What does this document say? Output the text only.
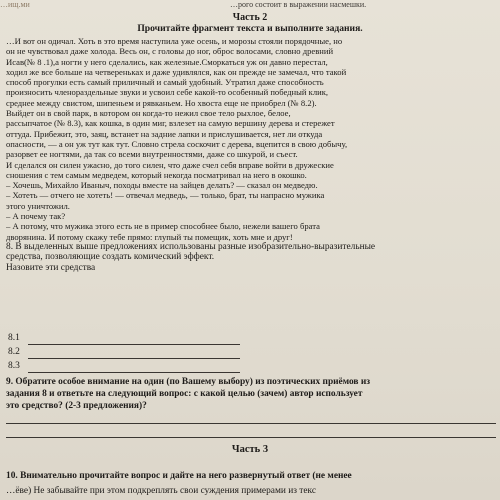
…ищ.ми	…рого состоит в выражении насмешки.
Часть 2
Прочитайте фрагмент текста и выполните задания.
…И вот он одичал. Хоть в это время наступила уже осень, и морозы стояли порядочные, но
он не чувствовал даже холода. Весь он, с головы до ног, оброс волосами, словно древний
Исав(№ 8 .1),а ногти у него сделались, как железные.Сморкаться уж он давно перестал,
ходил же все больше на четвереньках и даже удивлялся, как он прежде не замечал, что такой
способ прогулки есть самый приличный и самый удобный. Утратил даже способность
произносить членораздельные звуки и усвоил себе какой-то особенный победный клик,
среднее между свистом, шипеньем и рявканьем. Но хвоста еще не приобрел (№ 8.2).
Выйдет он в свой парк, в котором он когда-то нежил свое тело рыхлое, белое,
рассыпчатое (№ 8.3), как кошка, в один миг, взлезет на самую вершину дерева и стережет
оттуда. Прибежит, это, заяц, встанет на задние лапки и прислушивается, нет ли откуда
опасности, — а он уж тут как тут. Словно стрела соскочит с дерева, вцепится в свою добычу,
разорвет ее ногтями, да так со всеми внутренностями, даже со шкурой, и съест.
И сделался он силен ужасно, до того силен, что даже счел себя вправе войти в дружеские
сношения с тем самым медведем, который некогда посматривал на него в окошко.
– Хочешь, Михайло Иваныч, походы вместе на зайцев делать? — сказал он медведю.
– Хотеть — отчего не хотеть! — отвечал медведь, — только, брат, ты напрасно мужика
этого уничтожил.
– А почему так?
– А потому, что мужика этого есть не в пример способнее было, нежели вашего брата
дворянина. И потому скажу тебе прямо: глупый ты помещик, хоть мне и друг!
8. В выделенных выше предложениях использованы разные изобразительно-выразительные
средства, позволяющие создать комический эффект.
Назовите эти средства
8.1
8.2
8.3
9. Обратите особое внимание на один (по Вашему выбору) из поэтических приёмов из
задания 8 и ответьте на следующий вопрос: с какой целью (зачем) автор использует
это средство? (2-3 предложения)?
Часть 3
10. Внимательно прочитайте вопрос и дайте на него развернутый ответ (не менее
…ёве) Не забывайте при этом подкреплять свои суждения примерами из текс
